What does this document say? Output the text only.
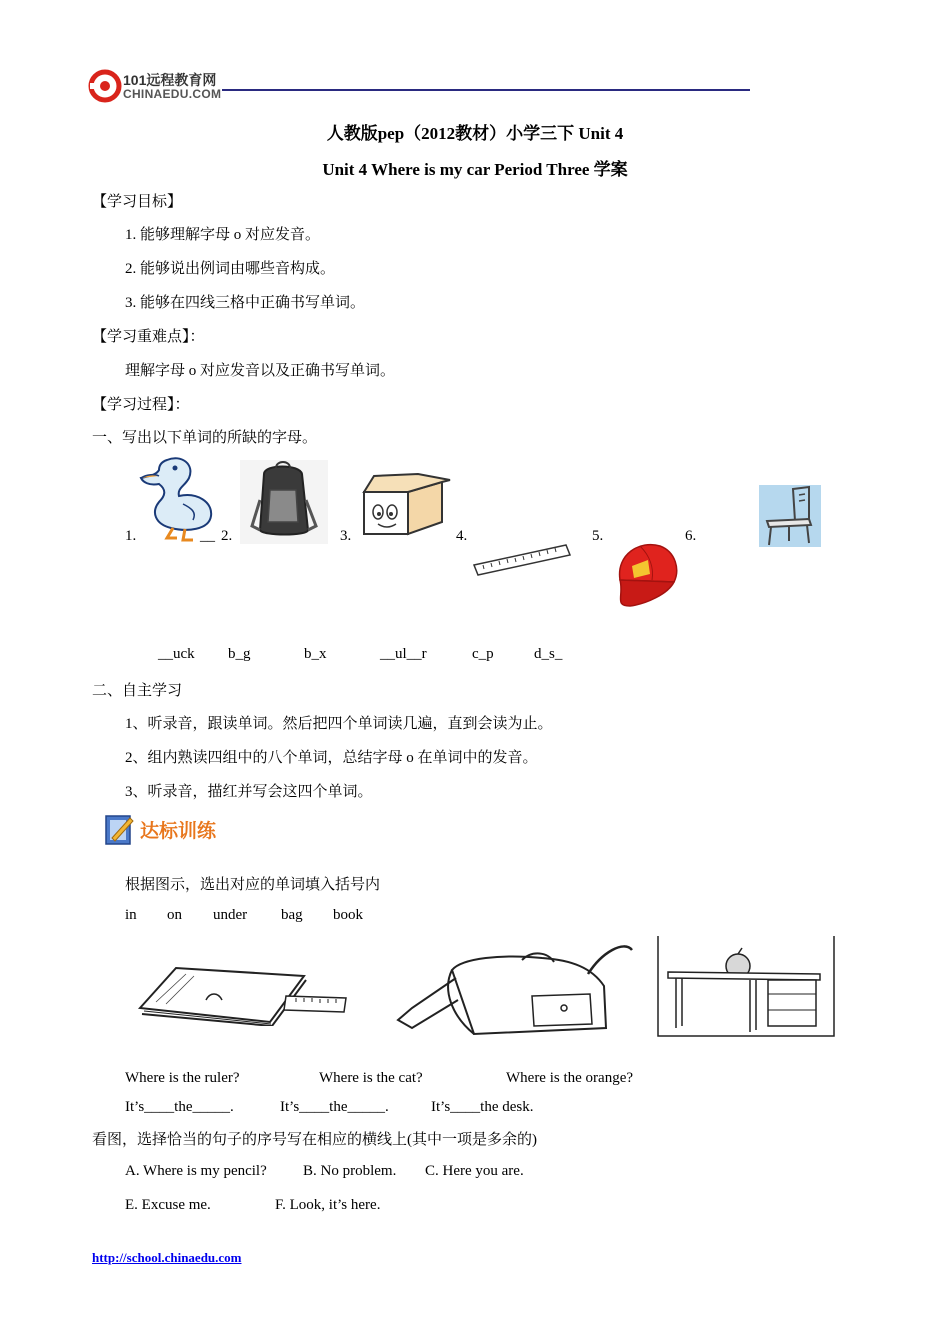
101远程教育网
CHINAEDU.COM
人教版pep（2012教材）小学三下 Unit 4
Unit 4 Where is my car Period Three 学案
【学习目标】
1. 能够理解字母 o 对应发音。
2. 能够说出例词由哪些音构成。
3. 能够在四线三格中正确书写单词。
【学习重难点】：
理解字母 o 对应发音以及正确书写单词。
【学习过程】：
一、写出以下单词的所缺的字母。
1.	__ 2.	3.	4.	5.	6.
__uck b_g	b_x	__ul__r	c_p	d_s_
二、自主学习
1、听录音，跟读单词。然后把四个单词读几遍，直到会读为止。
2、组内熟读四组中的八个单词，总结字母 o 在单词中的发音。
3、听录音，描红并写会这四个单词。
达标训练
根据图示，选出对应的单词填入括号内
in on under bag book
Where is the ruler?	Where is the cat?	Where is the orange?
It’s____the_____.	It’s____the_____.	It’s____the desk.
看图，选择恰当的句子的序号写在相应的横线上(其中一项是多余的)
A. Where is my pencil? B. No problem. C. Here you are.
E. Excuse me.	F. Look, it’s here.
http://school.chinaedu.com
